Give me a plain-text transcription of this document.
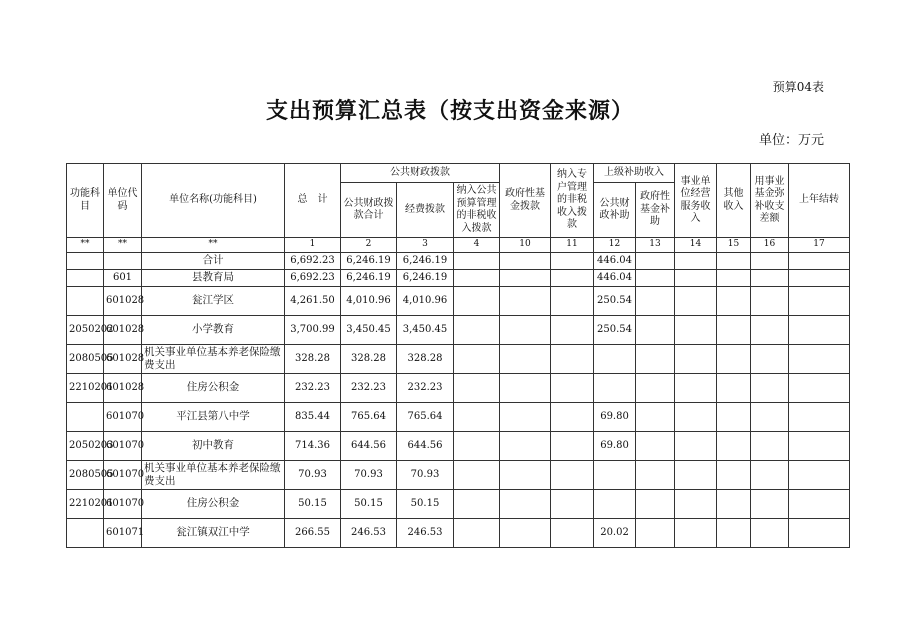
预算04表
支出预算汇总表（按支出资金来源）
单位：万元
功能科目	单位代码	单位名称(功能科目)	总　计	公共财政拨款			政府性基金拨款	纳入专户管理的非税收入拨款	上级补助收入		事业单位经营服务收入	其他收入	用事业基金弥补收支差额	上年结转
				公共财政拨款合计	经费拨款	纳入公共预算管理的非税收入拨款			公共财政补助	政府性基金补助				
**	**	**	1	2	3	4	10	11	12	13	14	15	16	17
		合计	6,692.23	6,246.19	6,246.19				446.04					
	601	县教育局	6,692.23	6,246.19	6,246.19				446.04					
	601028	瓮江学区	4,261.50	4,010.96	4,010.96				250.54					
2050202	601028	小学教育	3,700.99	3,450.45	3,450.45				250.54					
2080505	601028	机关事业单位基本养老保险缴费支出	328.28	328.28	328.28									
2210201	601028	住房公积金	232.23	232.23	232.23									
	601070	平江县第八中学	835.44	765.64	765.64				69.80					
2050203	601070	初中教育	714.36	644.56	644.56				69.80					
2080505	601070	机关事业单位基本养老保险缴费支出	70.93	70.93	70.93									
2210201	601070	住房公积金	50.15	50.15	50.15									
	601071	瓮江镇双江中学	266.55	246.53	246.53				20.02					
